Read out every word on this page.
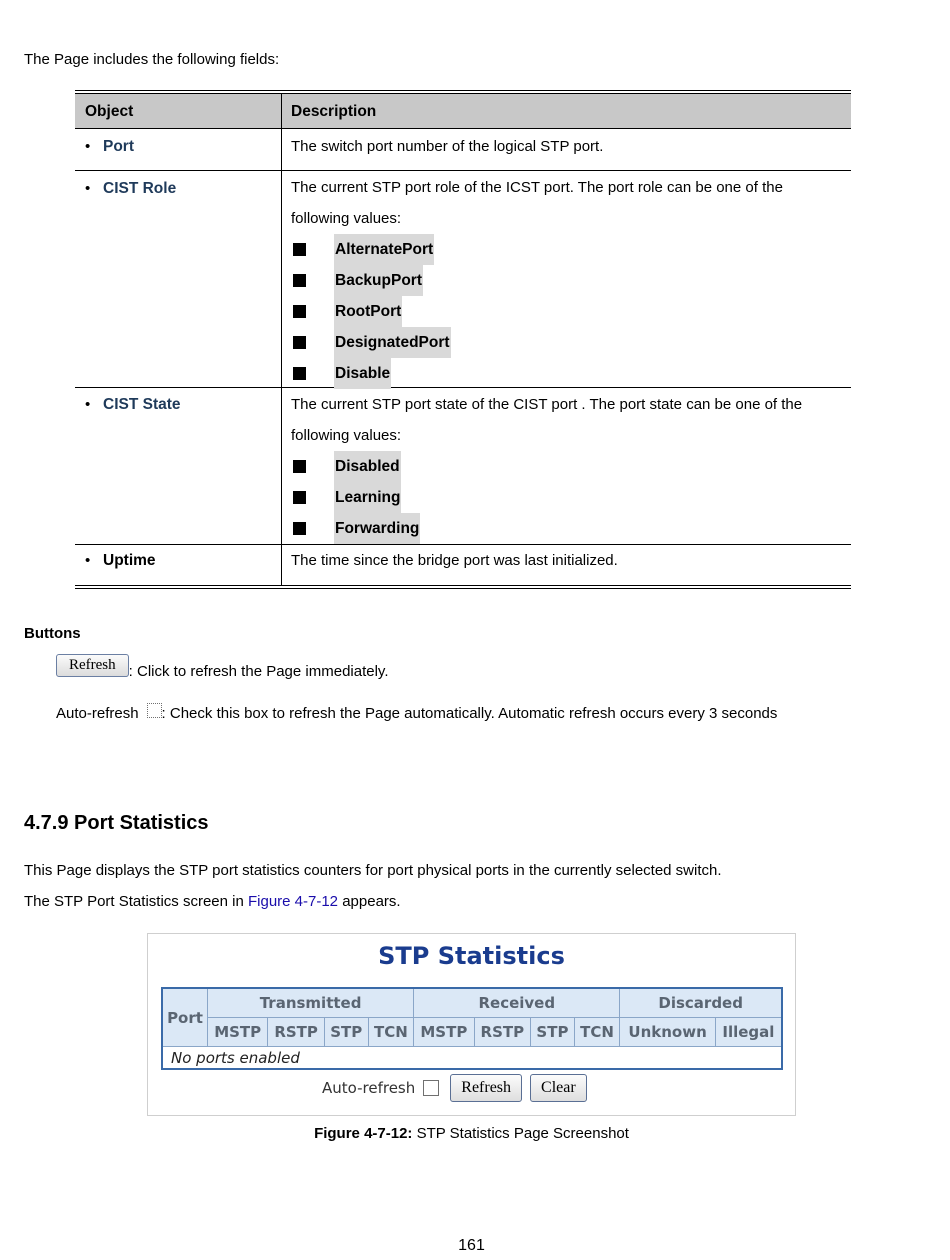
The Page includes the following fields:

Object	Description
• Port	The switch port number of the logical STP port.
• CIST Role	The current STP port role of the ICST port. The port role can be one of the
following values:
AlternatePort
BackupPort
RootPort
DesignatedPort
Disable
• CIST State	The current STP port state of the CIST port . The port state can be one of the
following values:
Disabled
Learning
Forwarding
• Uptime	The time since the bridge port was last initialized.

Buttons

Refresh : Click to refresh the Page immediately.
Auto-refresh : Check this box to refresh the Page automatically. Automatic refresh occurs every 3 seconds

4.7.9 Port Statistics

This Page displays the STP port statistics counters for port physical ports in the currently selected switch.

The STP Port Statistics screen in Figure 4-7-12 appears.

STP Statistics
Port	Transmitted				Received				Discarded	
	MSTP	RSTP	STP	TCN	MSTP	RSTP	STP	TCN	Unknown	Illegal
No ports enabled										
Auto-refresh	Refresh	Clear

Figure 4-7-12: STP Statistics Page Screenshot

161
